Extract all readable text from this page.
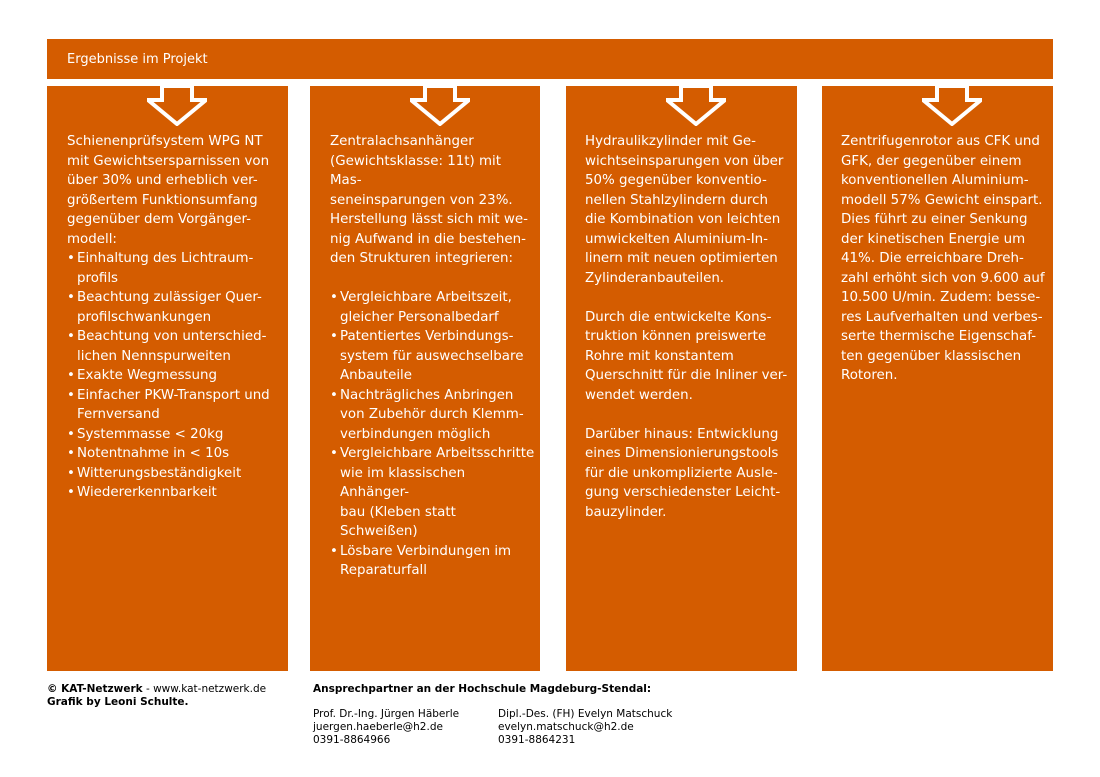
Ergebnisse im Projekt

Schienenprüfsystem WPG NT
mit Gewichtsersparnissen von
über 30% und erheblich ver-
größertem Funktionsumfang
gegenüber dem Vorgänger-
modell:

• Einhaltung des Lichtraum-
profils
• Beachtung zulässiger Quer-
profilschwankungen
• Beachtung von unterschied-
lichen Nennspurweiten
• Exakte Wegmessung
• Einfacher PKW-Transport und
Fernversand
• Systemmasse < 20kg
• Notentnahme in < 10s
• Witterungsbeständigkeit
• Wiedererkennbarkeit

Zentralachsanhänger
(Gewichtsklasse: 11t) mit Mas-
seneinsparungen von 23%.
Herstellung lässt sich mit we-
nig Aufwand in die bestehen-
den Strukturen integrieren:

• Vergleichbare Arbeitszeit,
gleicher Personalbedarf
• Patentiertes Verbindungs-
system für auswechselbare
Anbauteile
• Nachträgliches Anbringen
von Zubehör durch Klemm-
verbindungen möglich
• Vergleichbare Arbeitsschritte
wie im klassischen Anhänger-
bau (Kleben statt Schweißen)
• Lösbare Verbindungen im
Reparaturfall

Hydraulikzylinder mit Ge-
wichtseinsparungen von über
50% gegenüber konventio-
nellen Stahlzylindern durch
die Kombination von leichten
umwickelten Aluminium-In-
linern mit neuen optimierten
Zylinderanbauteilen.

Durch die entwickelte Kons-
truktion können preiswerte
Rohre mit konstantem
Querschnitt für die Inliner ver-
wendet werden.

Darüber hinaus: Entwicklung
eines Dimensionierungstools
für die unkomplizierte Ausle-
gung verschiedenster Leicht-
bauzylinder.

Zentrifugenrotor aus CFK und
GFK, der gegenüber einem
konventionellen Aluminium-
modell 57% Gewicht einspart.
Dies führt zu einer Senkung
der kinetischen Energie um
41%. Die erreichbare Dreh-
zahl erhöht sich von 9.600 auf
10.500 U/min. Zudem: besse-
res Laufverhalten und verbes-
serte thermische Eigenschaf-
ten gegenüber klassischen
Rotoren.

© KAT-Netzwerk - www.kat-netzwerk.de
Grafik by Leoni Schulte.
Ansprechpartner an der Hochschule Magdeburg-Stendal:
Prof. Dr.-Ing. Jürgen Häberle
juergen.haeberle@h2.de
0391-8864966
Dipl.-Des. (FH) Evelyn Matschuck
evelyn.matschuck@h2.de
0391-8864231
